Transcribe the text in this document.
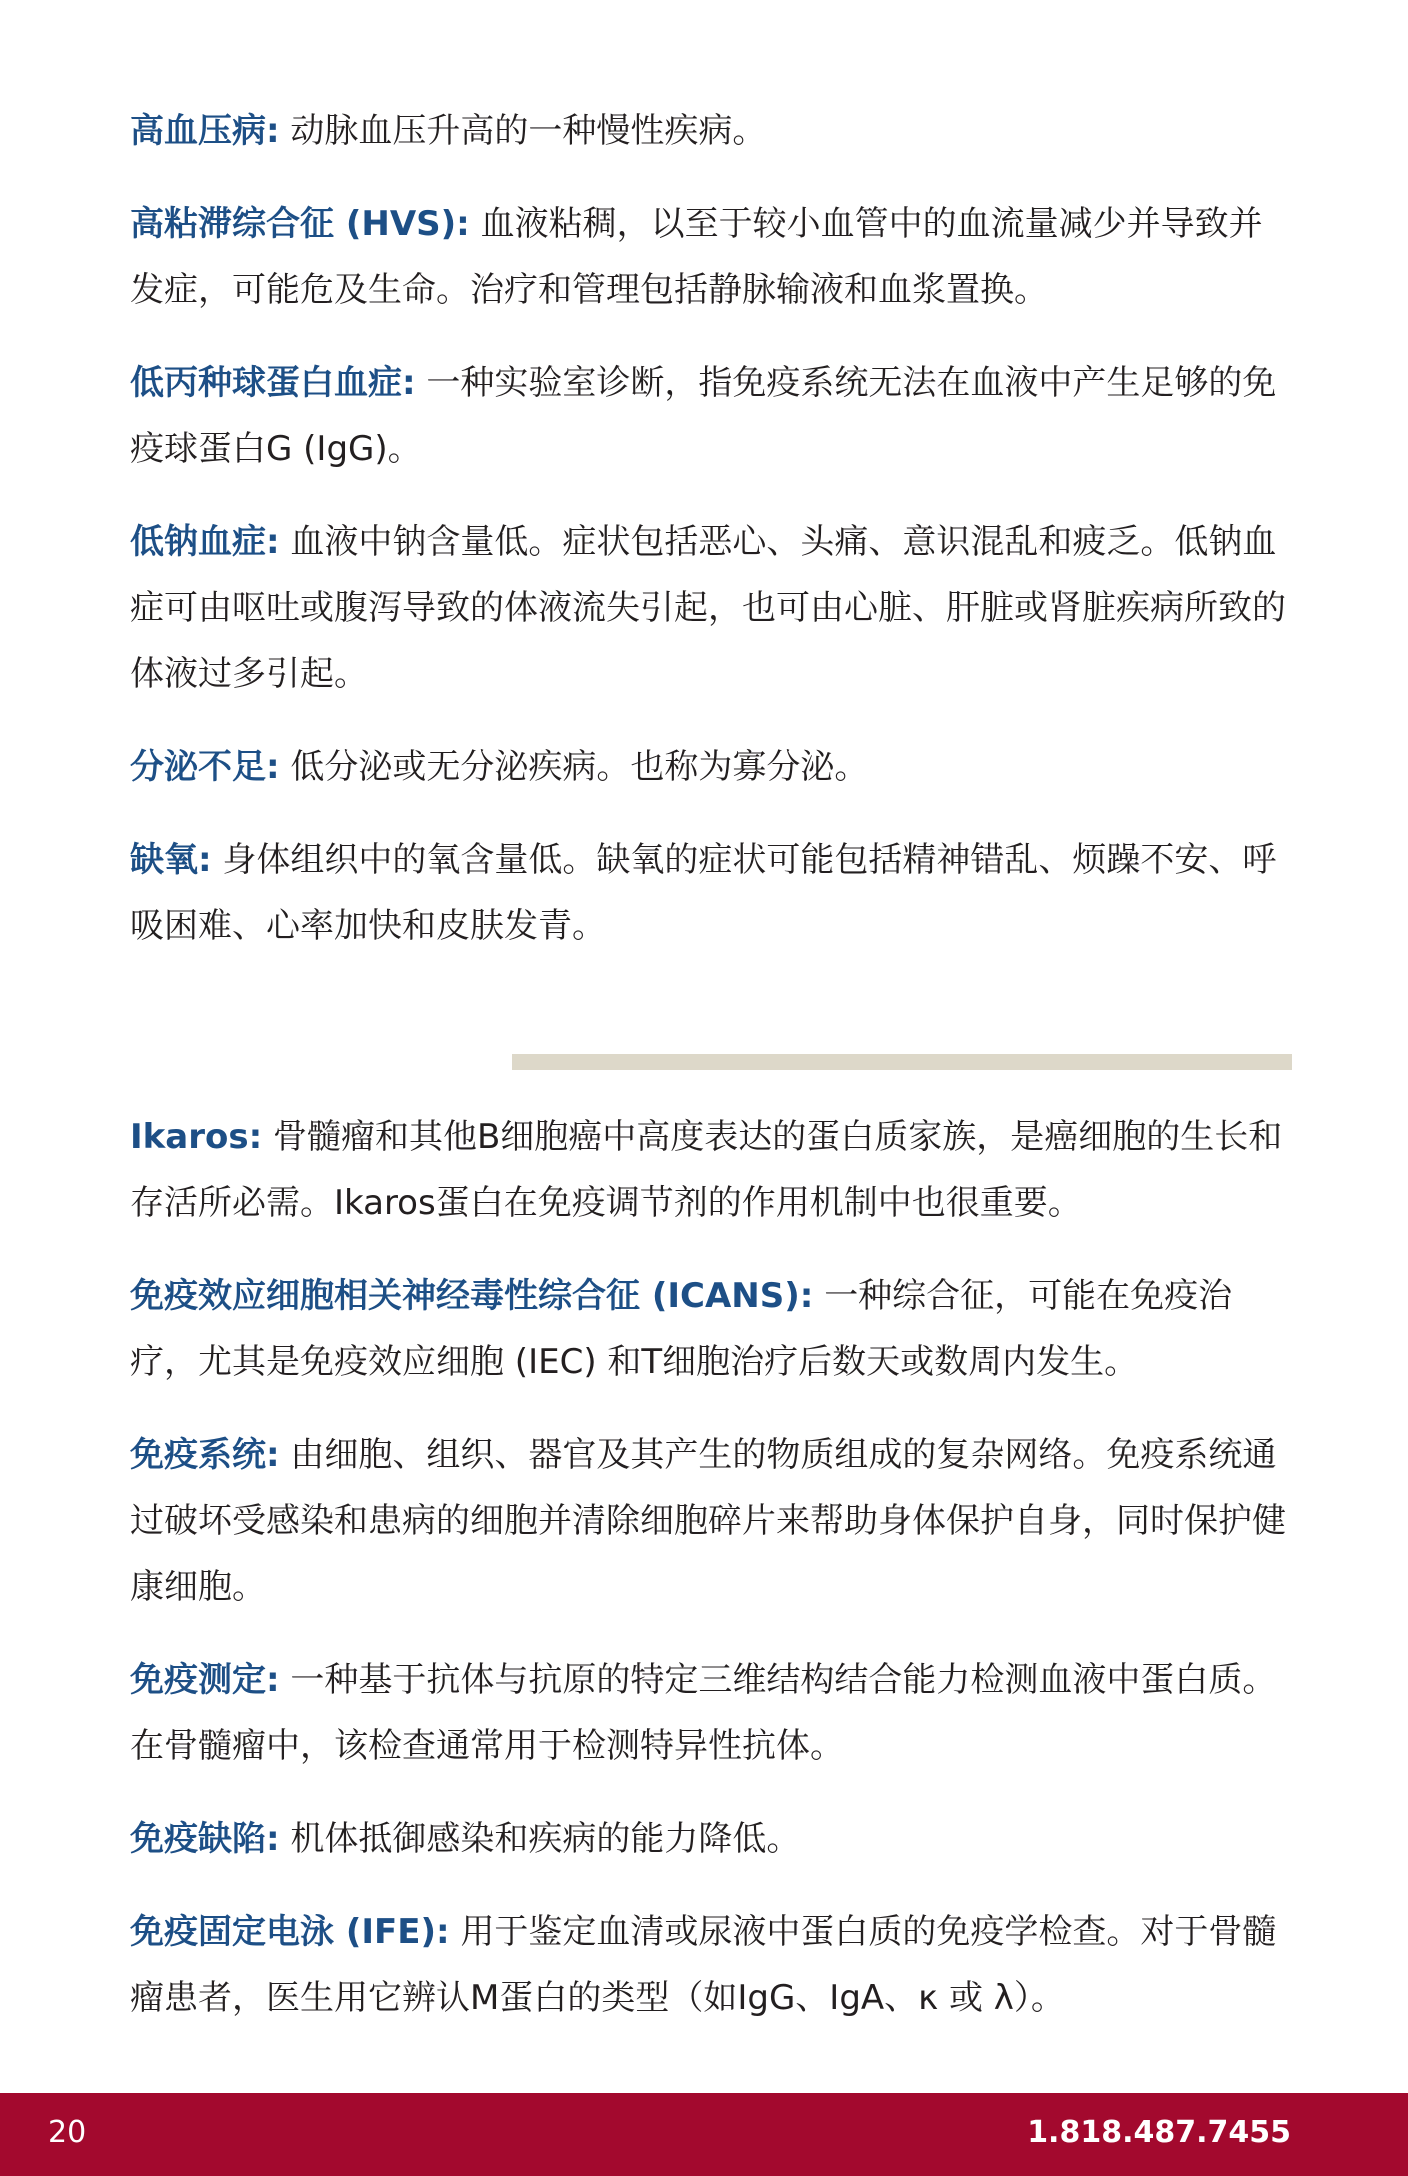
高血压病: 动脉血压升高的一种慢性疾病。

高粘滞综合征 (HVS): 血液粘稠，以至于较小血管中的血流量减少并导致并发症，可能危及生命。治疗和管理包括静脉输液和血浆置换。

低丙种球蛋白血症: 一种实验室诊断，指免疫系统无法在血液中产生足够的免疫球蛋白G (IgG)。

低钠血症: 血液中钠含量低。症状包括恶心、头痛、意识混乱和疲乏。低钠血症可由呕吐或腹泻导致的体液流失引起，也可由心脏、肝脏或肾脏疾病所致的体液过多引起。

分泌不足: 低分泌或无分泌疾病。也称为寡分泌。

缺氧: 身体组织中的氧含量低。缺氧的症状可能包括精神错乱、烦躁不安、呼吸困难、心率加快和皮肤发青。

Ikaros: 骨髓瘤和其他B细胞癌中高度表达的蛋白质家族，是癌细胞的生长和存活所必需。Ikaros蛋白在免疫调节剂的作用机制中也很重要。

免疫效应细胞相关神经毒性综合征 (ICANS): 一种综合征，可能在免疫治疗，尤其是免疫效应细胞 (IEC) 和T细胞治疗后数天或数周内发生。

免疫系统: 由细胞、组织、器官及其产生的物质组成的复杂网络。免疫系统通过破坏受感染和患病的细胞并清除细胞碎片来帮助身体保护自身，同时保护健康细胞。

免疫测定: 一种基于抗体与抗原的特定三维结构结合能力检测血液中蛋白质。在骨髓瘤中，该检查通常用于检测特异性抗体。

免疫缺陷: 机体抵御感染和疾病的能力降低。

免疫固定电泳 (IFE): 用于鉴定血清或尿液中蛋白质的免疫学检查。对于骨髓瘤患者，医生用它辨认M蛋白的类型（如IgG、IgA、κ 或 λ）。

20	1.818.487.7455
